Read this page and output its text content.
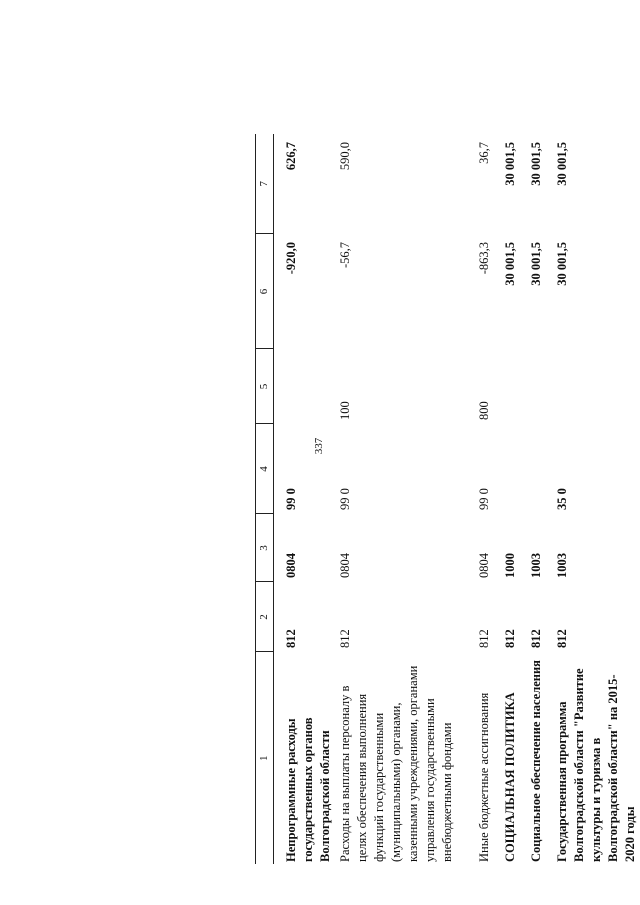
337
1	2	3	4	5	6	7
Непрограммные расходы государственных органов Волгоградской области	812	0804	99 0		-920,0	626,7
Расходы на выплаты персоналу в целях обеспечения выполнения функций государственными (муниципальными) органами, казенными учреждениями, органами управления государственными внебюджетными фондами	812	0804	99 0	100	-56,7	590,0
Иные бюджетные ассигнования	812	0804	99 0	800	-863,3	36,7
СОЦИАЛЬНАЯ ПОЛИТИКА	812	1000			30 001,5	30 001,5
Социальное обеспечение населения	812	1003			30 001,5	30 001,5
Государственная программа Волгоградской области "Развитие культуры и туризма в Волгоградской области" на 2015-2020 годы	812	1003	35 0		30 001,5	30 001,5
